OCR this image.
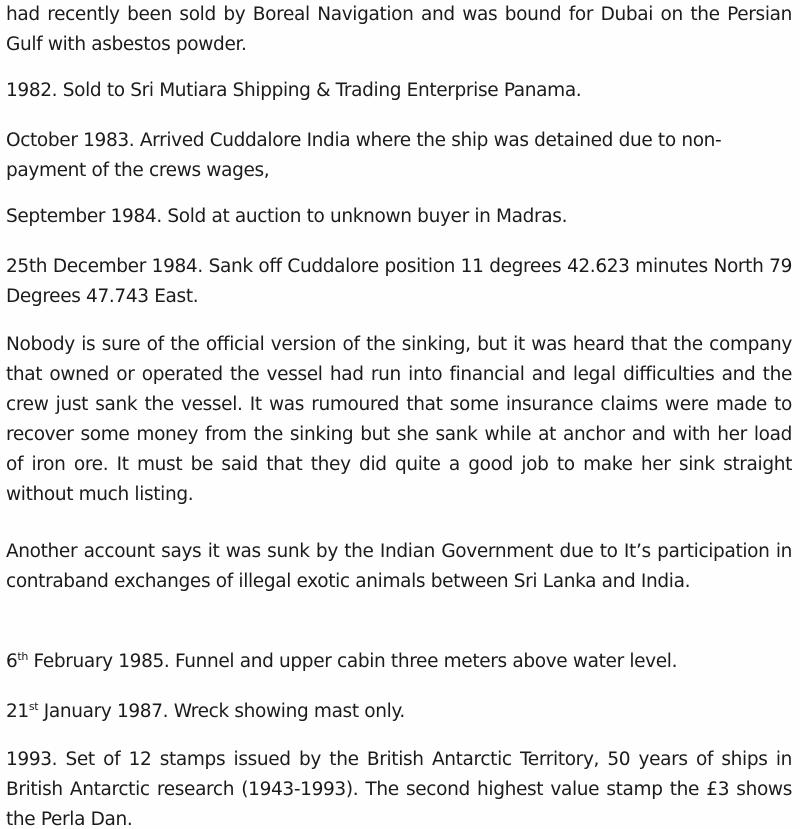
had recently been sold by Boreal Navigation and was bound for Dubai on the Persian Gulf with asbestos powder.

1982. Sold to Sri Mutiara Shipping & Trading Enterprise Panama.

October 1983. Arrived Cuddalore India where the ship was detained due to non-payment of the crews wages,

September 1984. Sold at auction to unknown buyer in Madras.

25th December 1984. Sank off Cuddalore position 11 degrees 42.623 minutes North 79 Degrees 47.743 East.

Nobody is sure of the official version of the sinking, but it was heard that the company that owned or operated the vessel had run into financial and legal difficulties and the crew just sank the vessel. It was rumoured that some insurance claims were made to recover some money from the sinking but she sank while at anchor and with her load of iron ore. It must be said that they did quite a good job to make her sink straight without much listing.

Another account says it was sunk by the Indian Government due to It’s participation in contraband exchanges of illegal exotic animals between Sri Lanka and India.

6th February 1985. Funnel and upper cabin three meters above water level.

21st January 1987. Wreck showing mast only.

1993. Set of 12 stamps issued by the British Antarctic Territory, 50 years of ships in British Antarctic research (1943-1993). The second highest value stamp the £3 shows the Perla Dan.
